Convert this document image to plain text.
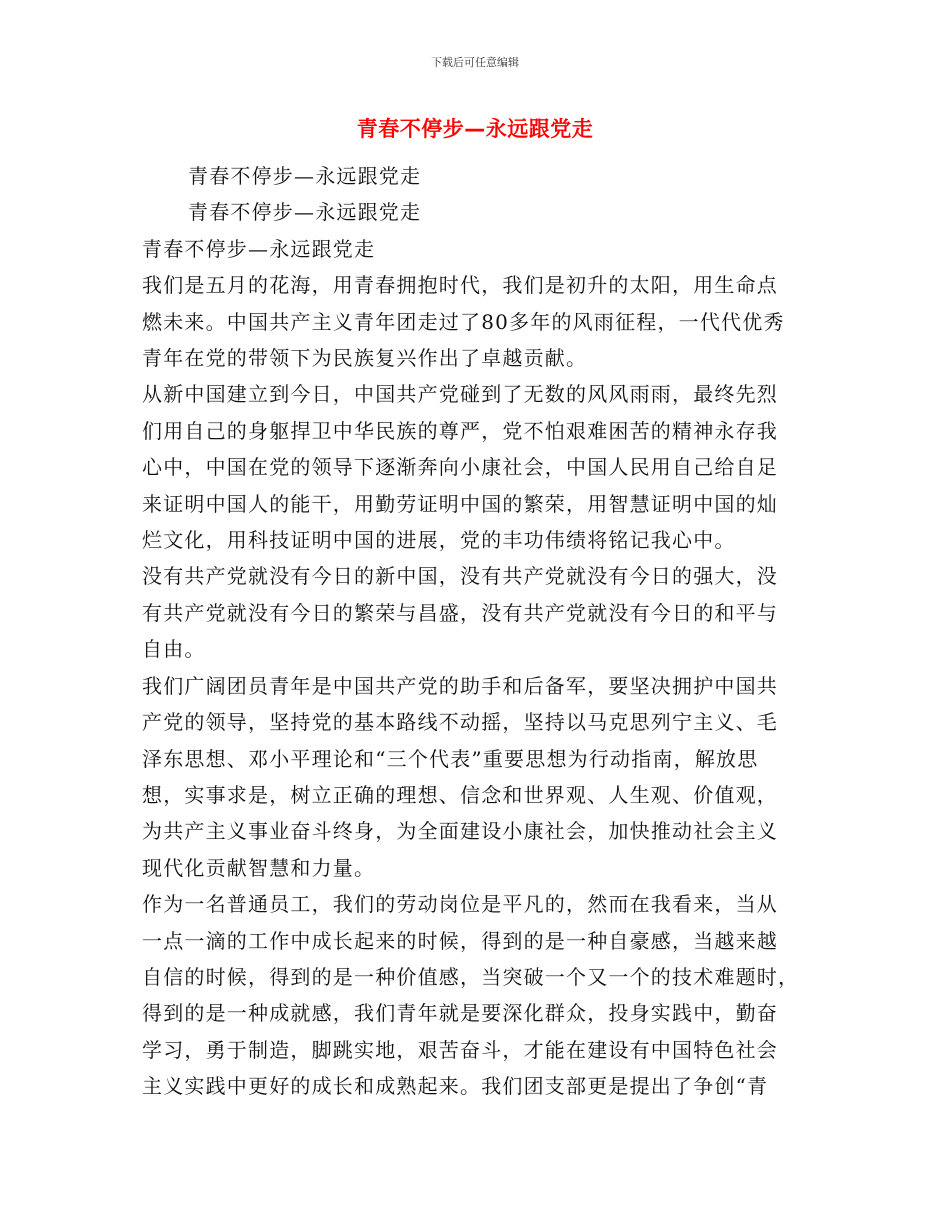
下载后可任意编辑
青春不停步—永远跟党走
青春不停步—永远跟党走
青春不停步—永远跟党走
青春不停步—永远跟党走
我们是五月的花海，用青春拥抱时代，我们是初升的太阳，用生命点
燃未来。中国共产主义青年团走过了80多年的风雨征程，一代代优秀
青年在党的带领下为民族复兴作出了卓越贡献。
从新中国建立到今日，中国共产党碰到了无数的风风雨雨，最终先烈
们用自己的身躯捍卫中华民族的尊严，党不怕艰难困苦的精神永存我
心中，中国在党的领导下逐渐奔向小康社会，中国人民用自己给自足
来证明中国人的能干，用勤劳证明中国的繁荣，用智慧证明中国的灿
烂文化，用科技证明中国的进展，党的丰功伟绩将铭记我心中。
没有共产党就没有今日的新中国，没有共产党就没有今日的强大，没
有共产党就没有今日的繁荣与昌盛，没有共产党就没有今日的和平与
自由。
我们广阔团员青年是中国共产党的助手和后备军，要坚决拥护中国共
产党的领导，坚持党的基本路线不动摇，坚持以马克思列宁主义、毛
泽东思想、邓小平理论和“三个代表”重要思想为行动指南，解放思
想，实事求是，树立正确的理想、信念和世界观、人生观、价值观，
为共产主义事业奋斗终身，为全面建设小康社会，加快推动社会主义
现代化贡献智慧和力量。
作为一名普通员工，我们的劳动岗位是平凡的，然而在我看来，当从
一点一滴的工作中成长起来的时候，得到的是一种自豪感，当越来越
自信的时候，得到的是一种价值感，当突破一个又一个的技术难题时，
得到的是一种成就感，我们青年就是要深化群众，投身实践中，勤奋
学习，勇于制造，脚跳实地，艰苦奋斗，才能在建设有中国特色社会
主义实践中更好的成长和成熟起来。我们团支部更是提出了争创“青
